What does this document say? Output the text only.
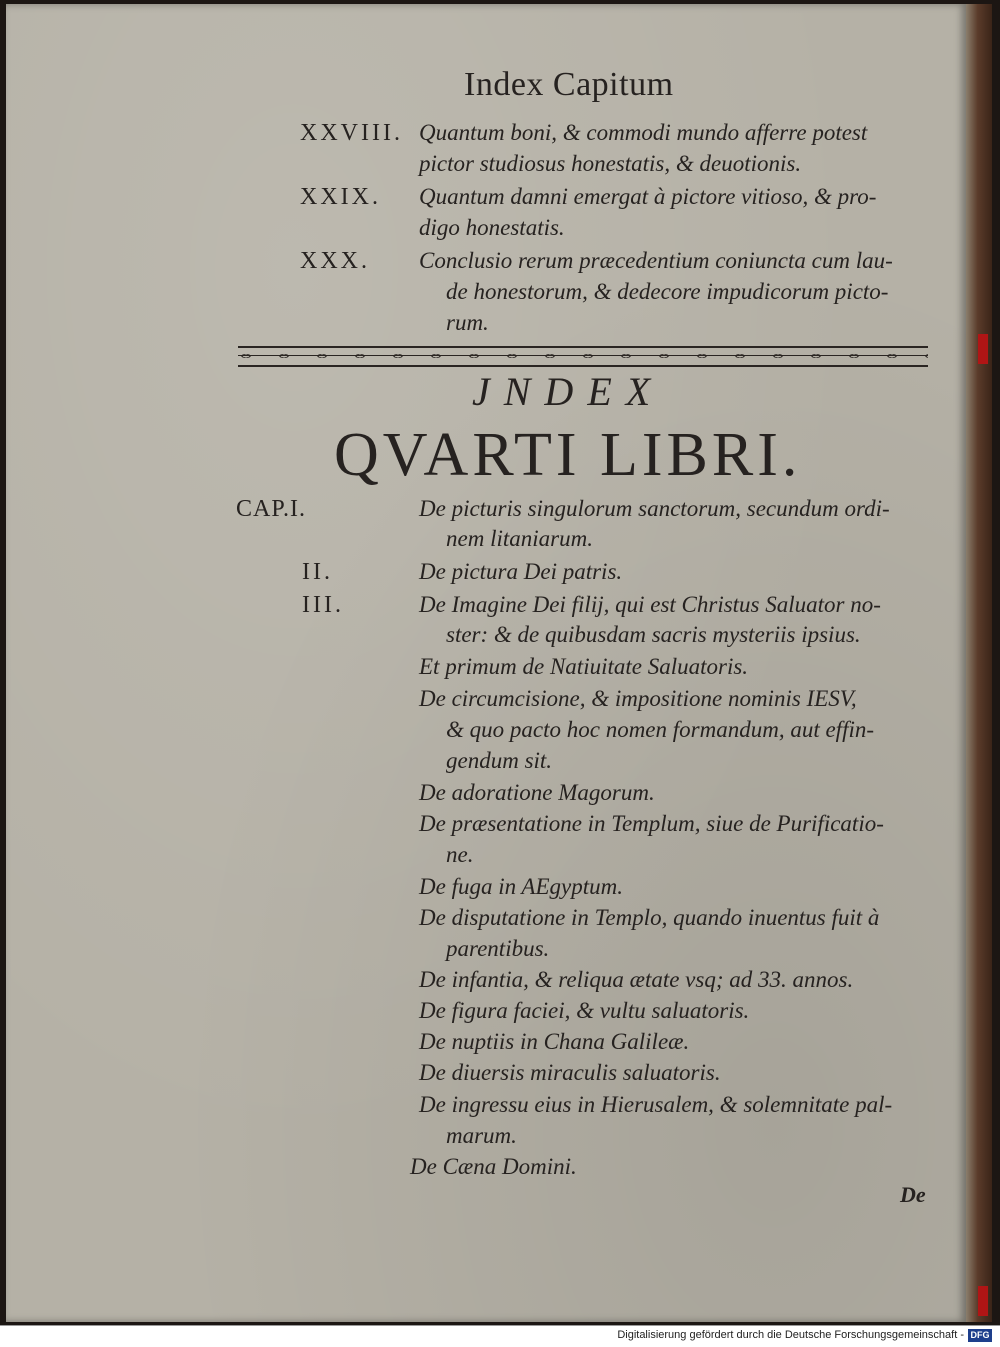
Index Capitum
XXVIII. Quantum boni, & commodi mundo afferre potest
pictor studiosus honestatis, & deuotionis.
XXIX. Quantum damni emergat à pictore vitioso, & pro-
digo honestatis.
XXX. Conclusio rerum præcedentium coniuncta cum lau-
de honestorum, & dedecore impudicorum picto-
rum.
JNDEX
QVARTI LIBRI.
CAP.I.	De picturis singulorum sanctorum, secundum ordi-
nem litaniarum.
II.	De pictura Dei patris.
III.	De Imagine Dei filij, qui est Christus Saluator no-
ster: & de quibusdam sacris mysteriis ipsius.
Et primum de Natiuitate Saluatoris.
De circumcisione, & impositione nominis IESV,
& quo pacto hoc nomen formandum, aut effin-
gendum sit.
De adoratione Magorum.
De præsentatione in Templum, siue de Purificatio-
ne.
De fuga in AEgyptum.
De disputatione in Templo, quando inuentus fuit à
parentibus.
De infantia, & reliqua ætate vsq; ad 33. annos.
De figura faciei, & vultu saluatoris.
De nuptiis in Chana Galileæ.
De diuersis miraculis saluatoris.
De ingressu eius in Hierusalem, & solemnitate pal-
marum.
De Cæna Domini.
De
Digitalisierung gefördert durch die Deutsche Forschungsgemeinschaft - DFG
